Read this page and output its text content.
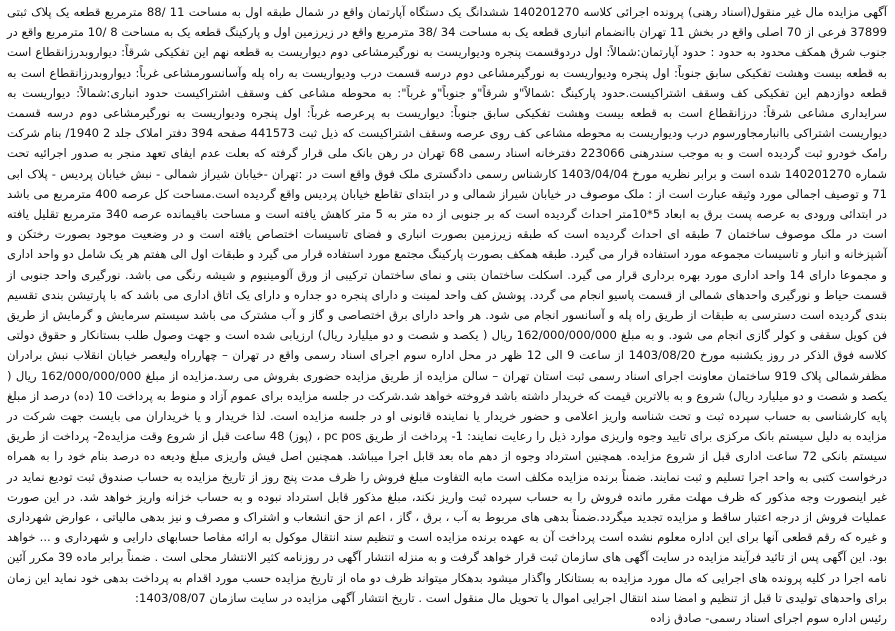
آگهی مزایده مال غیر منقول(اسناد رهنی) پرونده اجرائی کلاسه 140201270 ششدانگ یک دستگاه آپارتمان واقع در شمال طبقه اول به مساحت 11 /88 مترمربع قطعه یک پلاک ثبتی 37899 فرعی از 70 اصلی واقع در بخش 11 تهران باانضمام انباری قطعه یک به مساحت 34 /38 مترمربع واقع در زیرزمین اول و پارکینگ قطعه یک به مساحت 8 /10 مترمربع واقع در جنوب شرق همکف محدود به حدود : حدود آپارتمان:شمالاً: اول دردوقسمت پنجره ودیواریست به نورگیرمشاعی دوم دیواریست به قطعه نهم این تفکیکی شرقاً: دیواروبدرزانقطاع است به قطعه بیست وهشت تفکیکی سابق جنوباً: اول پنجره ودیواریست به نورگیرمشاعی دوم درسه قسمت درب ودیواریست به راه پله وآسانسورمشاعی غرباً: دیواروبدرزانقطاع است به قطعه دوازدهم این تفکیکی کف وسقف اشتراکیست.حدود پارکینگ :شمالاً"و شرقاً"و جنوباً"و غرباً": به محوطه مشاعی کف وسقف اشتراکیست حدود انباری:شمالاً: دیواریست به سرایداری مشاعی شرقاً: درزانقطاع است به قطعه بیست وهشت تفکیکی سابق جنوباً: دیواریست به پرعرصه غرباً: اول پنجره ودیواریست به نورگیرمشاعی دوم درسه قسمت دیواریست اشتراکی باانبارمجاورسوم درب ودیواریست به محوطه مشاعی کف روی عرصه وسقف اشتراکیست که ذیل ثبت 441573 صفحه 394 دفتر املاک جلد 2 1940/ بنام شرکت رامک خودرو ثبت گردیده است و به موجب سندرهنی 223066 دفترخانه اسناد رسمی 68 تهران در رهن بانک ملی قرار گرفته که بعلت عدم ایفای تعهد منجر به صدور اجرائیه تحت شماره 140201270 شده است و برابر نظریه مورخ 1403/04/04 کارشناس رسمی دادگستری ملک فوق واقع است در :تهران -خیابان شیراز شمالی - نبش خیابان پردیس - پلاک ابی 71 و توصیف اجمالی مورد وثیقه عبارت است از : ملک موصوف در خیابان شیراز شمالی و در ابتدای تقاطع خیابان پردیس واقع گردیده است.مساحت کل عرصه 400 مترمربع می باشد در ابتدائی ورودی به عرصه پست برق به ابعاد 5*10متر احداث گردیده است که بر جنوبی از ده متر به 5 متر کاهش یافته است و مساحت باقیمانده عرصه 340 مترمربع تقلیل یافته است در ملک موصوف ساختمان 7 طبقه ای احداث گردیده است که طبقه زیرزمین بصورت انباری و فضای تاسیسات اختصاص یافته است و در وضعیت موجود بصورت رختکن و آشپزخانه و انبار و تاسیسات مجموعه مورد استفاده قرار می گیرد. طبقه همکف بصورت پارکینگ مجتمع مورد استفاده قرار می گیرد و طبقات اول الی هفتم هر یک شامل دو واحد اداری و مجموعا دارای 14 واحد اداری مورد بهره برداری قرار می گیرد. اسکلت ساختمان بتنی و نمای ساختمان ترکیبی از ورق آلومینیوم و شیشه رنگی می باشد. نورگیری واحد جنوبی از قسمت حیاط و نورگیری واحدهای شمالی از قسمت پاسیو انجام می گردد. پوشش کف واحد لمینت و دارای پنجره دو جداره و دارای یک اتاق اداری می باشد که با پارتیشن بندی تقسیم بندی گردیده است دسترسی به طبقات از طریق راه پله و آسانسور انجام می شود. هر واحد دارای برق اختصاصی و گاز و آب مشترک می باشد سیستم سرمایش و گرمایش از طریق فن کویل سقفی و کولر گازی انجام می شود. و به مبلغ 162/000/000/000 ریال ( یکصد و شصت و دو میلیارد ریال) ارزیابی شده است و جهت وصول طلب بستانکار و حقوق دولتی کلاسه فوق الذکر در روز یکشنبه مورخ 1403/08/20 از ساعت 9 الی 12 ظهر در محل اداره سوم اجرای اسناد رسمی واقع در تهران – چهارراه ولیعصر خیابان انقلاب نبش برادران مظفرشمالی پلاک 919 ساختمان معاونت اجرای اسناد رسمی ثبت استان تهران – سالن مزایده از طریق مزایده حضوری بفروش می رسد.مزایده از مبلغ 162/000/000/000 ریال ( یکصد و شصت و دو میلیارد ریال) شروع و به بالاترین قیمت که خریدار داشته باشد فروخته خواهد شد.شرکت در جلسه مزایده برای عموم آزاد و منوط به پرداخت 10 (ده) درصد از مبلغ پایه کارشناسی به حساب سپرده ثبت و تحت شناسه واریز اعلامی و حضور خریدار یا نماینده قانونی او در جلسه مزایده است. لذا خریدار و یا خریداران می بایست جهت شرکت در مزایده به دلیل سیستم بانک مرکزی برای تایید وجوه واریزی موارد ذیل را رعایت نمایند: 1- پرداخت از طریق pc pos ، (پوز) 48 ساعت قبل از شروع وقت مزایده2- پرداخت از طریق سیستم بانکی 72 ساعت اداری قبل از شروع مزایده. همچنین استرداد وجوه از دهم ماه بعد قابل اجرا میباشد. همچنین اصل فیش واریزی مبلغ ودیعه ده درصد بنام خود را به همراه درخواست کتبی به واحد اجرا تسلیم و ثبت نمایند. ضمناً برنده مزایده مکلف است مابه التفاوت مبلغ فروش را ظرف مدت پنج روز از تاریخ مزایده به حساب صندوق ثبت تودیع نماید در غیر اینصورت وجه مذکور که ظرف مهلت مقرر مانده فروش را به حساب سپرده ثبت واریز نکند، مبلغ مذکور قابل استرداد نبوده و به حساب خزانه واریز خواهد شد. در این صورت عملیات فروش از درجه اعتبار ساقط و مزایده تجدید میگردد.ضمناً بدهی های مربوط به آب ، برق ، گاز ، اعم از حق انشعاب و اشتراک و مصرف و نیز بدهی مالیاتی ، عوارض شهرداری و غیره که رقم قطعی آنها برای این اداره معلوم نشده است پرداخت آن به عهده برنده مزایده است و تنظیم سند انتقال موکول به ارائه مفاصا حسابهای دارایی و شهرداری و ... خواهد بود. این آگهی پس از تائید فرآیند مزایده در سایت آگهی های سازمان ثبت قرار خواهد گرفت و به منزله انتشار آگهی در روزنامه کثیر الانتشار محلی است . ضمناً برابر ماده 39 مکرر آئین نامه اجرا در کلیه پرونده های اجرایی که مال مورد مزایده به بستانکار واگذار میشود بدهکار میتواند ظرف دو ماه از تاریخ مزایده حسب مورد اقدام به پرداخت بدهی خود نماید این زمان برای واحدهای تولیدی تا قبل از تنظیم و امضا سند انتقال اجرایی اموال یا تحویل مال منقول است . تاریخ انتشار آگهی مزایده در سایت سازمان 1403/08/07:

رئیس اداره سوم اجرای اسناد رسمی- صادق زاده
